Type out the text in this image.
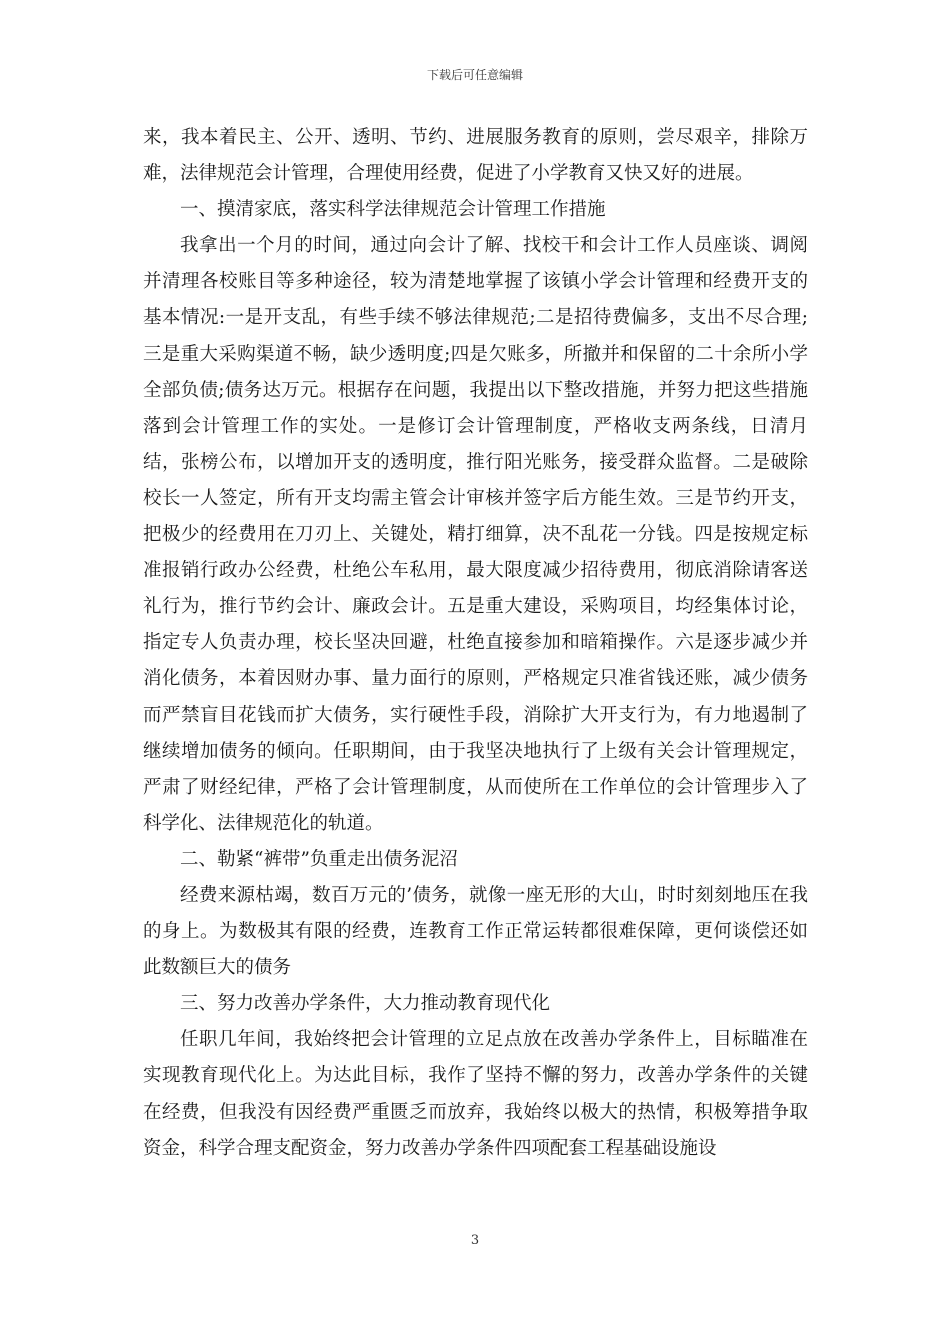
下载后可任意编辑

来，我本着民主、公开、透明、节约、进展服务教育的原则，尝尽艰辛，排除万难，法律规范会计管理，合理使用经费，促进了小学教育又快又好的进展。

一、摸清家底，落实科学法律规范会计管理工作措施

我拿出一个月的时间，通过向会计了解、找校干和会计工作人员座谈、调阅并清理各校账目等多种途径，较为清楚地掌握了该镇小学会计管理和经费开支的基本情况:一是开支乱，有些手续不够法律规范;二是招待费偏多，支出不尽合理;三是重大采购渠道不畅，缺少透明度;四是欠账多，所撤并和保留的二十余所小学全部负债;债务达万元。根据存在问题，我提出以下整改措施，并努力把这些措施落到会计管理工作的实处。一是修订会计管理制度，严格收支两条线，日清月结，张榜公布，以增加开支的透明度，推行阳光账务，接受群众监督。二是破除校长一人签定，所有开支均需主管会计审核并签字后方能生效。三是节约开支，把极少的经费用在刀刃上、关键处，精打细算，决不乱花一分钱。四是按规定标准报销行政办公经费，杜绝公车私用，最大限度减少招待费用，彻底消除请客送礼行为，推行节约会计、廉政会计。五是重大建设，采购项目，均经集体讨论，指定专人负责办理，校长坚决回避，杜绝直接参加和暗箱操作。六是逐步减少并消化债务，本着因财办事、量力面行的原则，严格规定只准省钱还账，减少债务而严禁盲目花钱而扩大债务，实行硬性手段，消除扩大开支行为，有力地遏制了继续增加债务的倾向。任职期间，由于我坚决地执行了上级有关会计管理规定，严肃了财经纪律，严格了会计管理制度，从而使所在工作单位的会计管理步入了科学化、法律规范化的轨道。

二、勒紧“裤带”负重走出债务泥沼

经费来源枯竭，数百万元的’债务，就像一座无形的大山，时时刻刻地压在我的身上。为数极其有限的经费，连教育工作正常运转都很难保障，更何谈偿还如此数额巨大的债务

三、努力改善办学条件，大力推动教育现代化

任职几年间，我始终把会计管理的立足点放在改善办学条件上，目标瞄准在实现教育现代化上。为达此目标，我作了坚持不懈的努力，改善办学条件的关键在经费，但我没有因经费严重匮乏而放弃，我始终以极大的热情，积极筹措争取资金，科学合理支配资金，努力改善办学条件四项配套工程基础设施设

3
